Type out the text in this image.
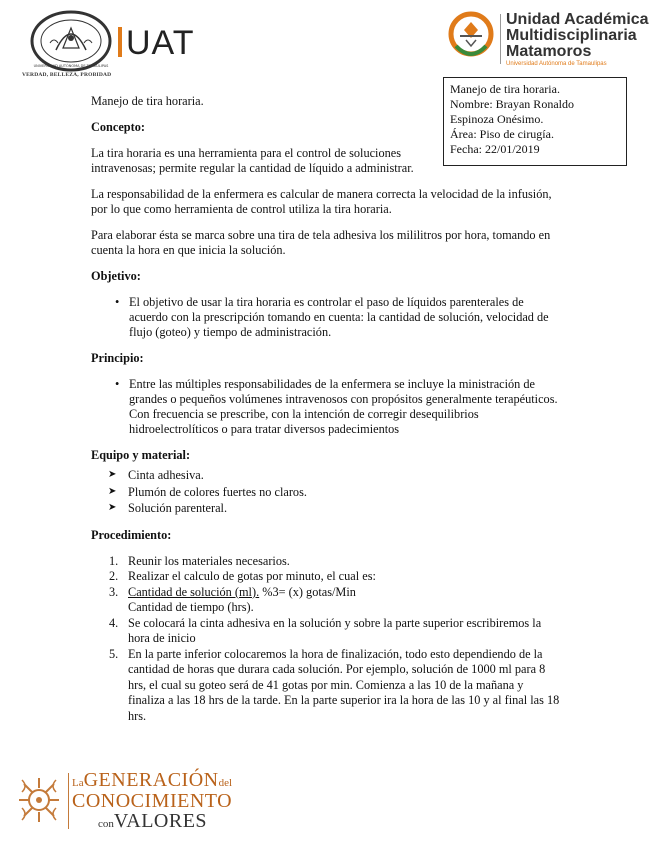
UNIVERSIDAD AUTÓNOMA DE TAMAULIPAS
VERDAD, BELLEZA, PROBIDAD
UAT
Unidad Académica
Multidisciplinaria
Matamoros
Universidad Autónoma de Tamaulipas
Manejo de tira horaria.
Nombre: Brayan Ronaldo
Espinoza Onésimo.
Área: Piso de cirugía.
Fecha: 22/01/2019

Manejo de tira horaria.

Concepto:

La tira horaria es una herramienta para el control de soluciones intravenosas; permite regular la cantidad de líquido a administrar.

La responsabilidad de la enfermera es calcular de manera correcta la velocidad de la infusión, por lo que como herramienta de control utiliza la tira horaria.

Para elaborar ésta se marca sobre una tira de tela adhesiva los mililitros por hora, tomando en cuenta la hora en que inicia la solución.

Objetivo:

• El objetivo de usar la tira horaria es controlar el paso de líquidos parenterales de acuerdo con la prescripción tomando en cuenta: la cantidad de solución, velocidad de flujo (goteo) y tiempo de administración.

Principio:

• Entre las múltiples responsabilidades de la enfermera se incluye la ministración de grandes o pequeños volúmenes intravenosos con propósitos generalmente terapéuticos. Con frecuencia se prescribe, con la intención de corregir desequilibrios hidroelectrolíticos o para tratar diversos padecimientos

Equipo y material:

➤ Cinta adhesiva.
➤ Plumón de colores fuertes no claros.
➤ Solución parenteral.

Procedimiento:

1. Reunir los materiales necesarios.
2. Realizar el calculo de gotas por minuto, el cual es:
3. Cantidad de solución (ml). %3= (x) gotas/Min
Cantidad de tiempo (hrs).
4. Se colocará la cinta adhesiva en la solución y sobre la parte superior escribiremos la hora de inicio
5. En la parte inferior colocaremos la hora de finalización, todo esto dependiendo de la cantidad de horas que durara cada solución. Por ejemplo, solución de 1000 ml para 8 hrs, el cual su goteo será de 41 gotas por min. Comienza a las 10 de la mañana y finaliza a las 18 hrs de la tarde. En la parte superior ira la hora de las 10 y al final las 18 hrs.
LaGENERACIÓNdel
CONOCIMIENTO
conVALORES
